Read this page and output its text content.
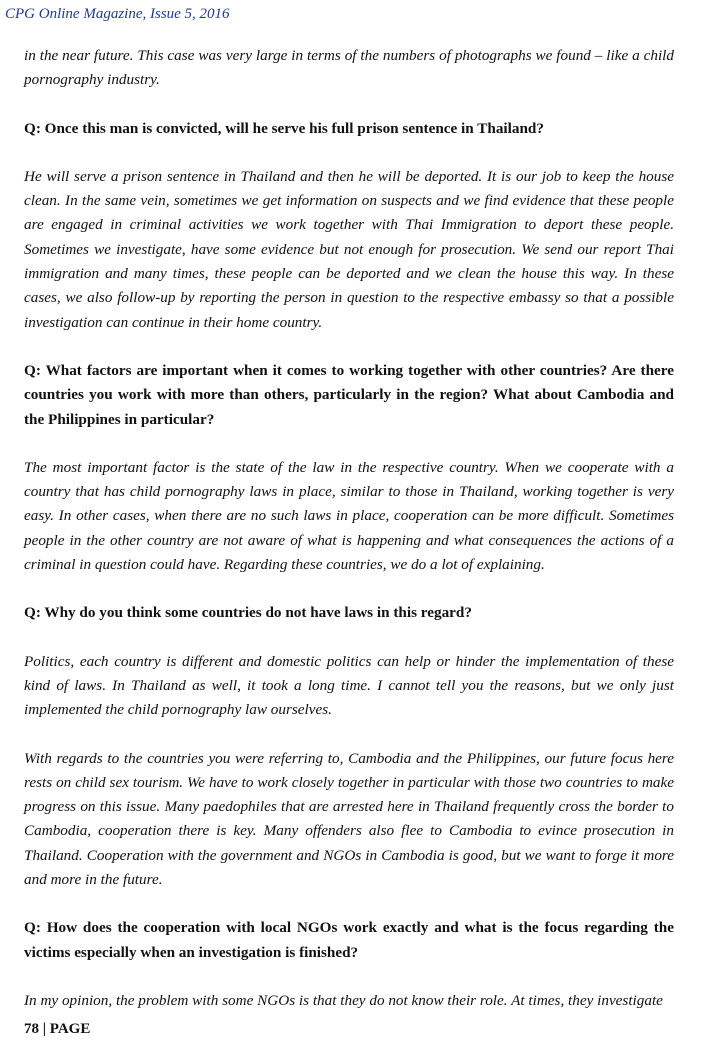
CPG Online Magazine, Issue 5, 2016

in the near future. This case was very large in terms of the numbers of photographs we found – like a child pornography industry.

Q: Once this man is convicted, will he serve his full prison sentence in Thailand?

He will serve a prison sentence in Thailand and then he will be deported. It is our job to keep the house clean. In the same vein, sometimes we get information on suspects and we find evidence that these people are engaged in criminal activities we work together with Thai Immigration to deport these people. Sometimes we investigate, have some evidence but not enough for prosecution. We send our report Thai immigration and many times, these people can be deported and we clean the house this way. In these cases, we also follow-up by reporting the person in question to the respective embassy so that a possible investigation can continue in their home country.

Q: What factors are important when it comes to working together with other countries? Are there countries you work with more than others, particularly in the region? What about Cambodia and the Philippines in particular?

The most important factor is the state of the law in the respective country. When we cooperate with a country that has child pornography laws in place, similar to those in Thailand, working together is very easy. In other cases, when there are no such laws in place, cooperation can be more difficult. Sometimes people in the other country are not aware of what is happening and what consequences the actions of a criminal in question could have. Regarding these countries, we do a lot of explaining.

Q: Why do you think some countries do not have laws in this regard?

Politics, each country is different and domestic politics can help or hinder the implementation of these kind of laws. In Thailand as well, it took a long time. I cannot tell you the reasons, but we only just implemented the child pornography law ourselves.

With regards to the countries you were referring to, Cambodia and the Philippines, our future focus here rests on child sex tourism. We have to work closely together in particular with those two countries to make progress on this issue. Many paedophiles that are arrested here in Thailand frequently cross the border to Cambodia, cooperation there is key. Many offenders also flee to Cambodia to evince prosecution in Thailand. Cooperation with the government and NGOs in Cambodia is good, but we want to forge it more and more in the future.

Q: How does the cooperation with local NGOs work exactly and what is the focus regarding the victims especially when an investigation is finished?

In my opinion, the problem with some NGOs is that they do not know their role. At times, they investigate

78 | PAGE
